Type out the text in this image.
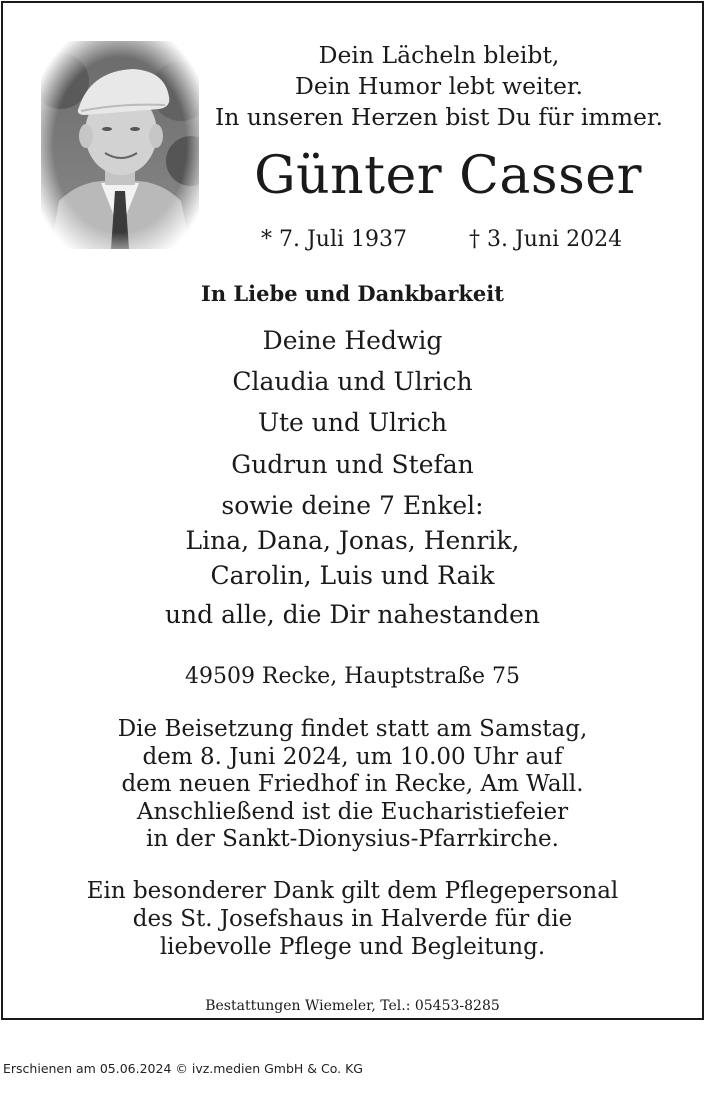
Dein Lächeln bleibt,
Dein Humor lebt weiter.
In unseren Herzen bist Du für immer.
Günter Casser
* 7. Juli 1937	† 3. Juni 2024
In Liebe und Dankbarkeit
Deine Hedwig
Claudia und Ulrich
Ute und Ulrich
Gudrun und Stefan
sowie deine 7 Enkel:
Lina, Dana, Jonas, Henrik,
Carolin, Luis und Raik
und alle, die Dir nahestanden
49509 Recke, Hauptstraße 75
Die Beisetzung findet statt am Samstag,
dem 8. Juni 2024, um 10.00 Uhr auf
dem neuen Friedhof in Recke, Am Wall.
Anschließend ist die Eucharistiefeier
in der Sankt-Dionysius-Pfarrkirche.
Ein besonderer Dank gilt dem Pflegepersonal
des St. Josefshaus in Halverde für die
liebevolle Pflege und Begleitung.
Bestattungen Wiemeler, Tel.: 05453-8285
Erschienen am 05.06.2024 © ivz.medien GmbH & Co. KG
